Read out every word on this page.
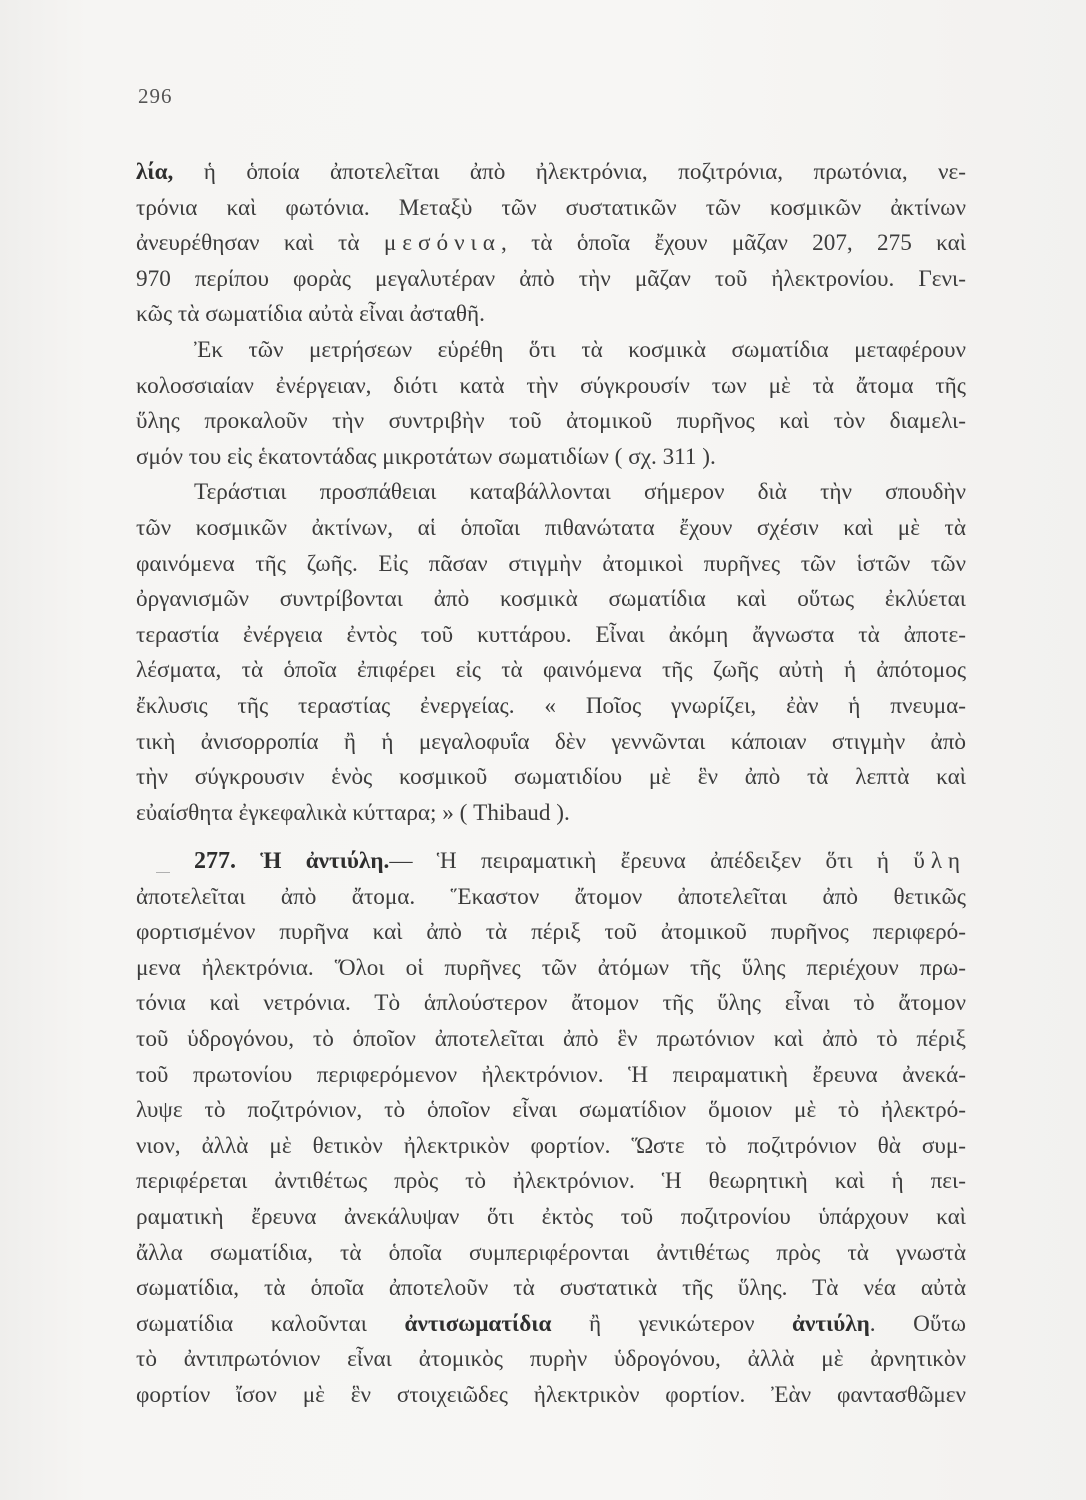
296
λία, ἡ ὁποία ἀποτελεῖται ἀπὸ ἠλεκτρόνια, ποζιτρόνια, πρωτόνια, νε-
τρόνια καὶ φωτόνια. Μεταξὺ τῶν συστατικῶν τῶν κοσμικῶν ἀκτίνων
ἀνευρέθησαν καὶ τὰ μεσόνια, τὰ ὁποῖα ἔχουν μᾶζαν 207, 275 καὶ
970 περίπου φορὰς μεγαλυτέραν ἀπὸ τὴν μᾶζαν τοῦ ἠλεκτρονίου. Γενι-
κῶς τὰ σωματίδια αὐτὰ εἶναι ἀσταθῆ.
Ἐκ τῶν μετρήσεων εὑρέθη ὅτι τὰ κοσμικὰ σωματίδια μεταφέρουν
κολοσσιαίαν ἐνέργειαν, διότι κατὰ τὴν σύγκρουσίν των μὲ τὰ ἄτομα τῆς
ὕλης προκαλοῦν τὴν συντριβὴν τοῦ ἀτομικοῦ πυρῆνος καὶ τὸν διαμελι-
σμόν του εἰς ἑκατοντάδας μικροτάτων σωματιδίων ( σχ. 311 ).
Τεράστιαι προσπάθειαι καταβάλλονται σήμερον διὰ τὴν σπουδὴν
τῶν κοσμικῶν ἀκτίνων, αἱ ὁποῖαι πιθανώτατα ἔχουν σχέσιν καὶ μὲ τὰ
φαινόμενα τῆς ζωῆς. Εἰς πᾶσαν στιγμὴν ἀτομικοὶ πυρῆνες τῶν ἱστῶν τῶν
ὀργανισμῶν συντρίβονται ἀπὸ κοσμικὰ σωματίδια καὶ οὕτως ἐκλύεται
τεραστία ἐνέργεια ἐντὸς τοῦ κυττάρου. Εἶναι ἀκόμη ἄγνωστα τὰ ἀποτε-
λέσματα, τὰ ὁποῖα ἐπιφέρει εἰς τὰ φαινόμενα τῆς ζωῆς αὐτὴ ἡ ἀπότομος
ἔκλυσις τῆς τεραστίας ἐνεργείας. « Ποῖος γνωρίζει, ἐὰν ἡ πνευμα-
τικὴ ἀνισορροπία ἢ ἡ μεγαλοφυΐα δὲν γεννῶνται κάποιαν στιγμὴν ἀπὸ
τὴν σύγκρουσιν ἑνὸς κοσμικοῦ σωματιδίου μὲ ἓν ἀπὸ τὰ λεπτὰ καὶ
εὐαίσθητα ἐγκεφαλικὰ κύτταρα; » ( Thibaud ).
277. Ἡ ἀντιύλη.— Ἡ πειραματικὴ ἔρευνα ἀπέδειξεν ὅτι ἡ ὕλη
ἀποτελεῖται ἀπὸ ἄτομα. Ἕκαστον ἄτομον ἀποτελεῖται ἀπὸ θετικῶς
φορτισμένον πυρῆνα καὶ ἀπὸ τὰ πέριξ τοῦ ἀτομικοῦ πυρῆνος περιφερό-
μενα ἠλεκτρόνια. Ὅλοι οἱ πυρῆνες τῶν ἀτόμων τῆς ὕλης περιέχουν πρω-
τόνια καὶ νετρόνια. Τὸ ἁπλούστερον ἄτομον τῆς ὕλης εἶναι τὸ ἄτομον
τοῦ ὑδρογόνου, τὸ ὁποῖον ἀποτελεῖται ἀπὸ ἓν πρωτόνιον καὶ ἀπὸ τὸ πέριξ
τοῦ πρωτονίου περιφερόμενον ἠλεκτρόνιον. Ἡ πειραματικὴ ἔρευνα ἀνεκά-
λυψε τὸ ποζιτρόνιον, τὸ ὁποῖον εἶναι σωματίδιον ὅμοιον μὲ τὸ ἠλεκτρό-
νιον, ἀλλὰ μὲ θετικὸν ἠλεκτρικὸν φορτίον. Ὥστε τὸ ποζιτρόνιον θὰ συμ-
περιφέρεται ἀντιθέτως πρὸς τὸ ἠλεκτρόνιον. Ἡ θεωρητικὴ καὶ ἡ πει-
ραματικὴ ἔρευνα ἀνεκάλυψαν ὅτι ἐκτὸς τοῦ ποζιτρονίου ὑπάρχουν καὶ
ἄλλα σωματίδια, τὰ ὁποῖα συμπεριφέρονται ἀντιθέτως πρὸς τὰ γνωστὰ
σωματίδια, τὰ ὁποῖα ἀποτελοῦν τὰ συστατικὰ τῆς ὕλης. Τὰ νέα αὐτὰ
σωματίδια καλοῦνται ἀντισωματίδια ἢ γενικώτερον ἀντιύλη. Οὕτω
τὸ ἀντιπρωτόνιον εἶναι ἀτομικὸς πυρὴν ὑδρογόνου, ἀλλὰ μὲ ἀρνητικὸν
φορτίον ἴσον μὲ ἓν στοιχειῶδες ἠλεκτρικὸν φορτίον. Ἐὰν φαντασθῶμεν
